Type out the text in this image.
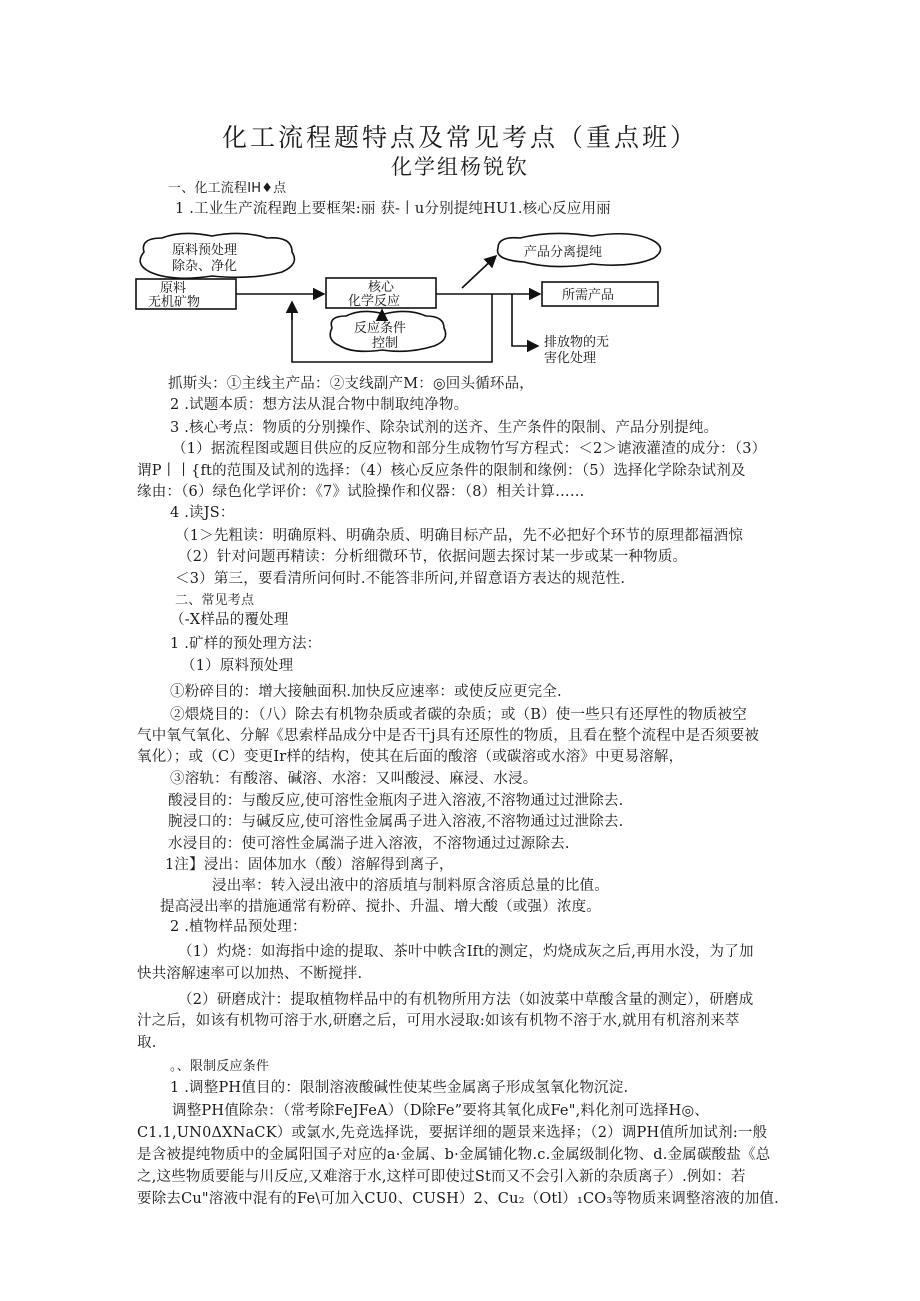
化工流程题特点及常见考点（重点班）
化学组杨锐钦
一、化工流程IH♦点
1 .工业生产流程跑上要框架:丽 获-丨u分别提纯HU1.核心反应用丽
原料预处理
除杂、净化
原料
无机矿物
核心
化学反应
反应条件
控制
产品分离提纯
所需产品
排放物的无
害化处理
抓斯头：①主线主产品：②支线副产M：◎回头循环品，
2 .试题本质：想方法从混合物中制取纯净物。
3 .核心考点：物质的分别操作、除杂试剂的送齐、生产条件的限制、产品分别提纯。
（1）据流程图或题目供应的反应物和部分生成物竹写方程式：＜2＞谑液灌渣的成分：（3）
谓P丨丨{ft的范围及试剂的选择：（4）核心反应条件的限制和缘例：（5）选择化学除杂试剂及
缘由：（6）绿色化学评价：《7》试脸操作和仪器：（8）相关计算……
4 .读JS：
（1＞先粗读：明确原料、明确杂质、明确目标产品，先不必把好个环节的原理都福酒惊
（2）针对问题再精读：分析细微环节，依据问题去探讨某一步或某一种物质。
＜3）第三，要看清所问何时.不能答非所问,并留意语方表达的规范性.
二、常见考点
（-X样品的覆处理
1 .矿样的预处理方法：
（1）原料预处理
①粉碎目的：增大接触面积.加快反应速率：或使反应更完全.
②煨烧目的：（八）除去有机物杂质或者碳的杂质；或（B）使一些只有还厚性的物质被空
气中氧气氧化、分解《思索样品成分中是否干j具有还原性的物质，且看在整个流程中是否须要被
氧化）；或（C）变更Ir样的结构，使其在后面的酸溶（或碳溶或水溶》中更易溶解，
③溶轨：有酸溶、碱溶、水溶：又叫酸浸、麻浸、水浸。
酸浸目的：与酸反应,使可溶性金瓶肉子进入溶液,不溶物通过过泄除去.
腕浸口的：与碱反应,使可溶性金属禹子进入溶液,不溶物通过过泄除去.
水浸目的：使可溶性金属湍子进入溶液，不溶物通过过源除去.
1注】浸出：固体加水（酸）溶解得到离子，
浸出率：转入浸出液中的溶质埴与制料原含溶质总量的比值。
提高浸出率的措施通常有粉碎、搅扑、升温、增大酸（或强）浓度。
2 .植物样品预处理：
（1）灼烧：如海指中途的提取、茶叶中帙含Ift的测定，灼烧成灰之后,再用水没，为了加
快共溶解速率可以加热、不断搅拌.
（2）研磨成汁：提取植物样品中的有机物所用方法（如波菜中草酸含量的测定），研磨成
汁之后，如该有机物可溶于水,研磨之后，可用水浸取:如该有机物不溶于水,就用有机溶剂来萃
取.
。、限制反应条件
1 .调整PH值目的：限制溶液酸碱性使某些金属离子形成氢氧化物沉淀.
调整PH值除杂：（常考除FeJFeA）（D除Fe”要将其氧化成Fe",料化剂可选择H◎、
C1.1,UN0ΔXNaCK）或氯水,先竞选择诜，要据详细的题景来选择；（2）调PH值所加试剂:一般
是含被提纯物质中的金属阳国子对应的a·金属、b·金属铺化物.c.金属级制化物、d.金属碳酸盐《总
之,这些物质要能与川反应,又难溶于水,这样可即使过St而又不会引入新的杂质离子）.例如：若
要除去Cu"溶液中混有的Fe\可加入CU0、CUSH）2、Cu₂（Otl）₁CO₃等物质来调整溶液的加值.
